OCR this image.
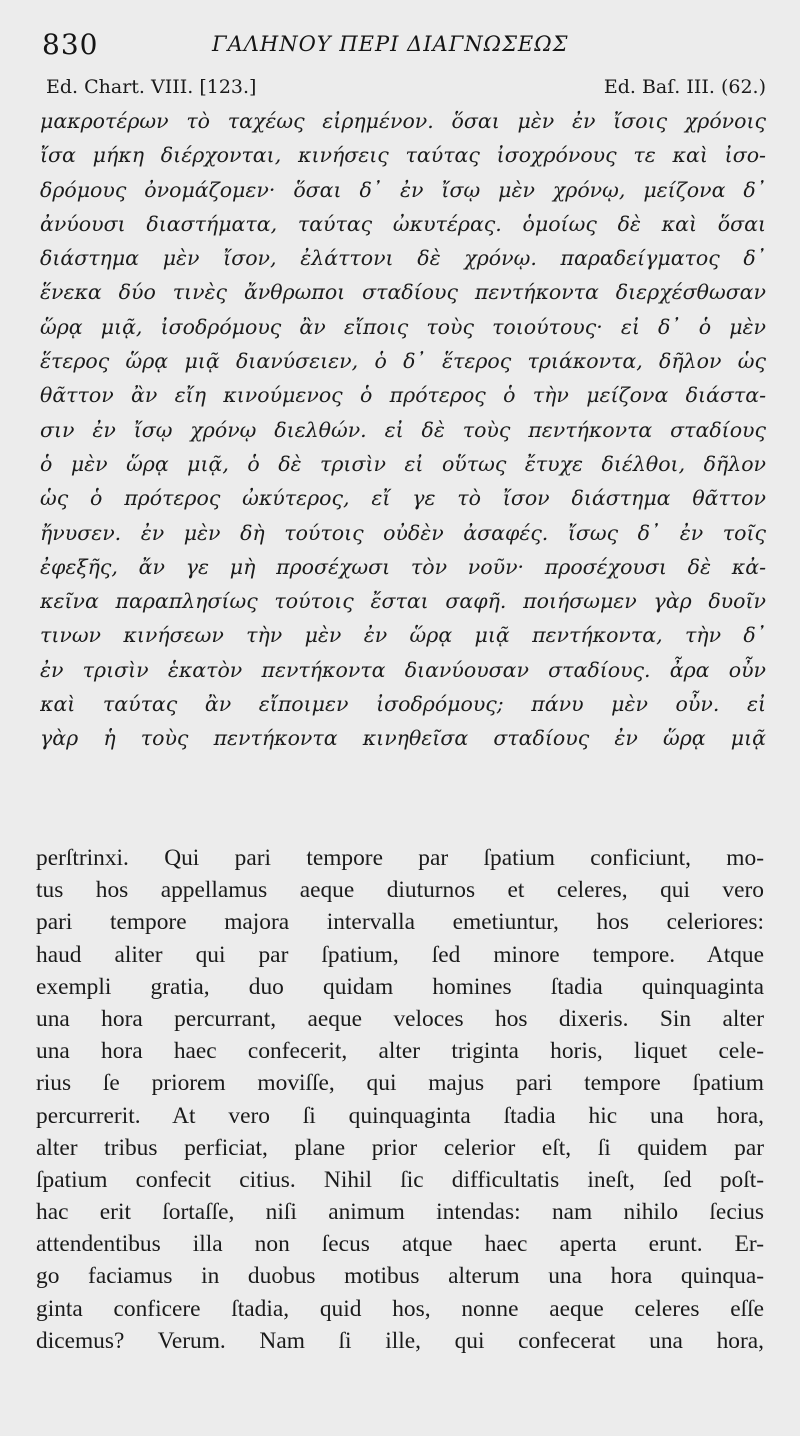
830	ΓΑΛΗΝΟΥ ΠΕΡΙ ΔΙΑΓΝΩΣΕΩΣ
Ed. Chart. VIII. [123.]	Ed. Baſ. III. (62.)
μακροτέρων τὸ ταχέως εἰρημένον. ὅσαι μὲν ἐν ἴσοις χρόνοις
ἴσα μήκη διέρχονται, κινήσεις ταύτας ἰσοχρόνους τε καὶ ἰσο-
δρόμους ὀνομάζομεν· ὅσαι δ᾽ ἐν ἴσῳ μὲν χρόνῳ, μείζονα δ᾽
ἀνύουσι διαστήματα, ταύτας ὠκυτέρας. ὁμοίως δὲ καὶ ὅσαι
διάστημα μὲν ἴσον, ἐλάττονι δὲ χρόνῳ. παραδείγματος δ᾽
ἕνεκα δύο τινὲς ἄνθρωποι σταδίους πεντήκοντα διερχέσθωσαν
ὥρᾳ μιᾷ, ἰσοδρόμους ἂν εἴποις τοὺς τοιούτους· εἰ δ᾽ ὁ μὲν
ἕτερος ὥρᾳ μιᾷ διανύσειεν, ὁ δ᾽ ἕτερος τριάκοντα, δῆλον ὡς
θᾶττον ἂν εἴη κινούμενος ὁ πρότερος ὁ τὴν μείζονα διάστα-
σιν ἐν ἴσῳ χρόνῳ διελθών. εἰ δὲ τοὺς πεντήκοντα σταδίους
ὁ μὲν ὥρᾳ μιᾷ, ὁ δὲ τρισὶν εἰ οὕτως ἔτυχε διέλθοι, δῆλον
ὡς ὁ πρότερος ὠκύτερος, εἴ γε τὸ ἴσον διάστημα θᾶττον
ἤνυσεν. ἐν μὲν δὴ τούτοις οὐδὲν ἀσαφές. ἴσως δ᾽ ἐν τοῖς
ἐφεξῆς, ἄν γε μὴ προσέχωσι τὸν νοῦν· προσέχουσι δὲ κἀ-
κεῖνα παραπλησίως τούτοις ἔσται σαφῆ. ποιήσωμεν γὰρ δυοῖν
τινων κινήσεων τὴν μὲν ἐν ὥρᾳ μιᾷ πεντήκοντα, τὴν δ᾽
ἐν τρισὶν ἑκατὸν πεντήκοντα διανύουσαν σταδίους. ἆρα οὖν
καὶ ταύτας ἂν εἴποιμεν ἰσοδρόμους; πάνυ μὲν οὖν. εἰ
γὰρ ἡ τοὺς πεντήκοντα κινηθεῖσα σταδίους ἐν ὥρᾳ μιᾷ
perſtrinxi. Qui pari tempore par ſpatium conficiunt, mo-
tus hos appellamus aeque diuturnos et celeres, qui vero
pari tempore majora intervalla emetiuntur, hos celeriores:
haud aliter qui par ſpatium, ſed minore tempore. Atque
exempli gratia, duo quidam homines ſtadia quinquaginta
una hora percurrant, aeque veloces hos dixeris. Sin alter
una hora haec confecerit, alter triginta horis, liquet cele-
rius ſe priorem moviſſe, qui majus pari tempore ſpatium
percurrerit. At vero ſi quinquaginta ſtadia hic una hora,
alter tribus perficiat, plane prior celerior eſt, ſi quidem par
ſpatium confecit citius. Nihil ſic difficultatis ineſt, ſed poſt-
hac erit ſortaſſe, niſi animum intendas: nam nihilo ſecius
attendentibus illa non ſecus atque haec aperta erunt. Er-
go faciamus in duobus motibus alterum una hora quinqua-
ginta conficere ſtadia, quid hos, nonne aeque celeres eſſe
dicemus? Verum. Nam ſi ille, qui confecerat una hora,
